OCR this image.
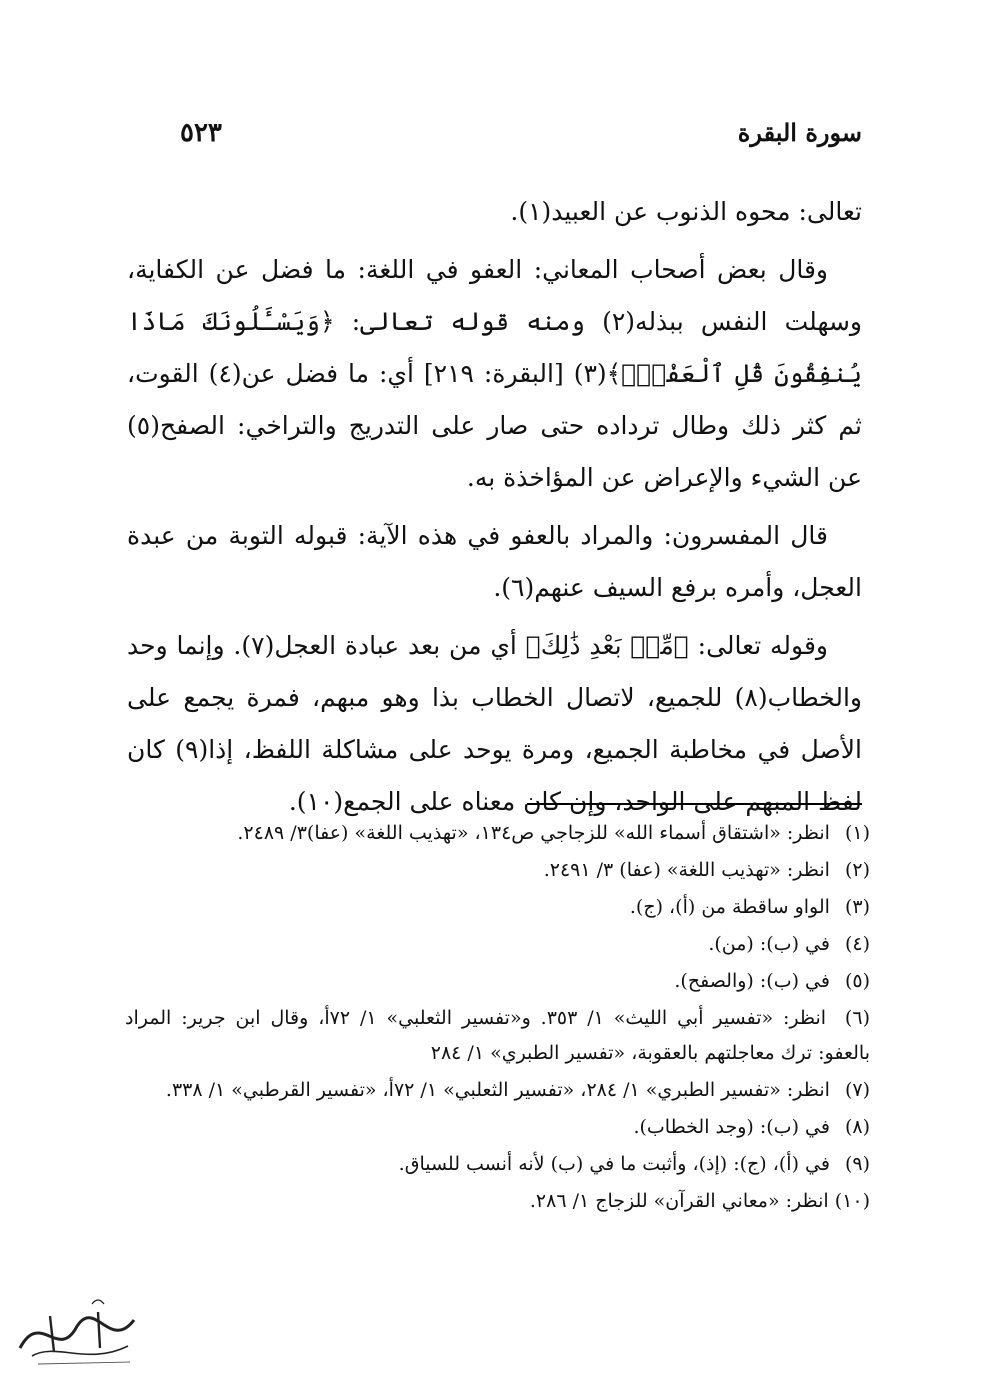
سورة البقرة
٥٢٣

تعالى: محوه الذنوب عن العبيد(١).

وقال بعض أصحاب المعاني: العفو في اللغة: ما فضل عن الكفاية، وسهلت النفس ببذله(٢) ومنه قوله تعالى: ﴿وَيَسْـَٔلُونَكَ مَاذَا يُنفِقُونَ قُلِ ٱلْعَفْوَۗ﴾(٣) [البقرة: ٢١٩] أي: ما فضل عن(٤) القوت، ثم كثر ذلك وطال ترداده حتى صار على التدريج والتراخي: الصفح(٥) عن الشيء والإعراض عن المؤاخذة به.

قال المفسرون: والمراد بالعفو في هذه الآية: قبوله التوبة من عبدة العجل، وأمره برفع السيف عنهم(٦).

وقوله تعالى: ﴿مِّنۢ بَعْدِ ذَٰلِكَ﴾ أي من بعد عبادة العجل(٧). وإنما وحد والخطاب(٨) للجميع، لاتصال الخطاب بذا وهو مبهم، فمرة يجمع على الأصل في مخاطبة الجميع، ومرة يوحد على مشاكلة اللفظ، إذا(٩) كان لفظ المبهم على الواحد، وإن كان معناه على الجمع(١٠).

(١) انظر: «اشتقاق أسماء الله» للزجاجي ص١٣٤، «تهذيب اللغة» (عفا)٣/ ٢٤٨٩.
(٢) انظر: «تهذيب اللغة» (عفا) ٣/ ٢٤٩١.
(٣) الواو ساقطة من (أ)، (ج).
(٤) في (ب): (من).
(٥) في (ب): (والصفح).
(٦) انظر: «تفسير أبي الليث» ١/ ٣٥٣. و«تفسير الثعلبي» ١/ ٧٢أ، وقال ابن جرير: المراد بالعفو: ترك معاجلتهم بالعقوبة، «تفسير الطبري» ١/ ٢٨٤
(٧) انظر: «تفسير الطبري» ١/ ٢٨٤، «تفسير الثعلبي» ١/ ٧٢أ، «تفسير القرطبي» ١/ ٣٣٨.
(٨) في (ب): (وجد الخطاب).
(٩) في (أ)، (ج): (إذ)، وأثبت ما في (ب) لأنه أنسب للسياق.
(١٠) انظر: «معاني القرآن» للزجاج ١/ ٢٨٦.
